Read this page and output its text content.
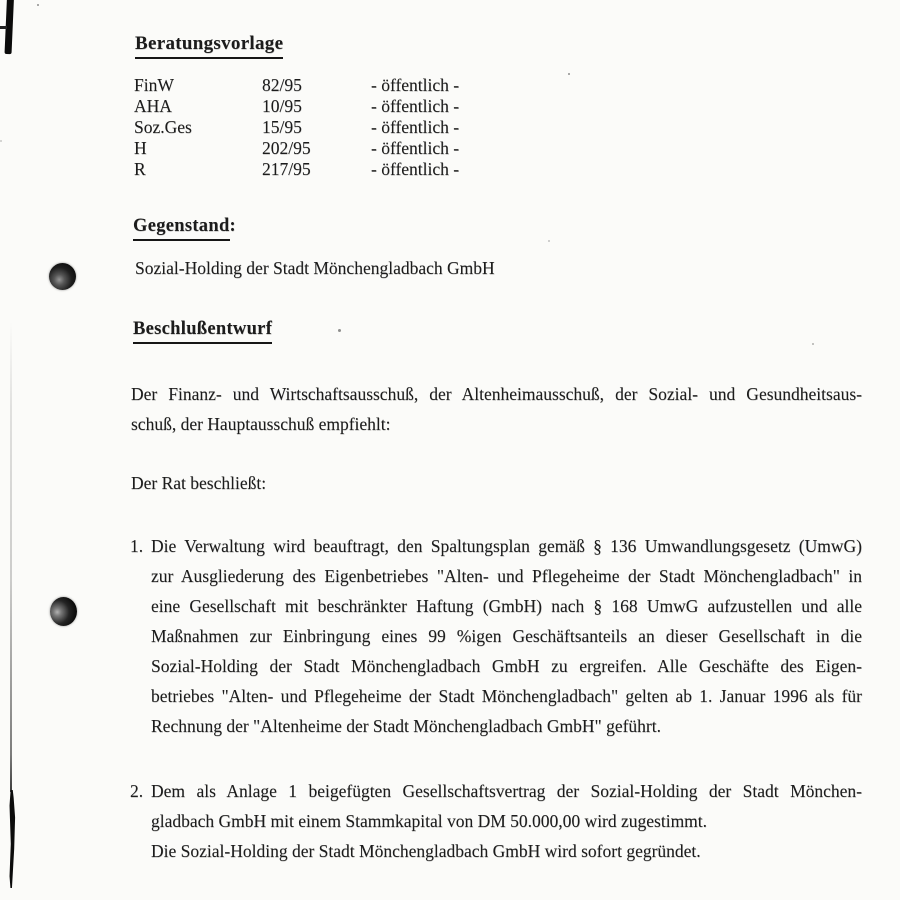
Beratungsvorlage
FinW	82/95	- öffentlich -
AHA	10/95	- öffentlich -
Soz.Ges	15/95	- öffentlich -
H	202/95	- öffentlich -
R	217/95	- öffentlich -
Gegenstand:
Sozial-Holding der Stadt Mönchengladbach GmbH
Beschlußentwurf
Der Finanz- und Wirtschaftsausschuß, der Altenheimausschuß, der Sozial- und Gesundheitsaus-
schuß, der Hauptausschuß empfiehlt:
Der Rat beschließt:
1. Die Verwaltung wird beauftragt, den Spaltungsplan gemäß § 136 Umwandlungsgesetz (UmwG)
zur Ausgliederung des Eigenbetriebes "Alten- und Pflegeheime der Stadt Mönchengladbach" in
eine Gesellschaft mit beschränkter Haftung (GmbH) nach § 168 UmwG aufzustellen und alle
Maßnahmen zur Einbringung eines 99 %igen Geschäftsanteils an dieser Gesellschaft in die
Sozial-Holding der Stadt Mönchengladbach GmbH zu ergreifen. Alle Geschäfte des Eigen-
betriebes "Alten- und Pflegeheime der Stadt Mönchengladbach" gelten ab 1. Januar 1996 als für
Rechnung der "Altenheime der Stadt Mönchengladbach GmbH" geführt.
2. Dem als Anlage 1 beigefügten Gesellschaftsvertrag der Sozial-Holding der Stadt Mönchen-
gladbach GmbH mit einem Stammkapital von DM 50.000,00 wird zugestimmt.
Die Sozial-Holding der Stadt Mönchengladbach GmbH wird sofort gegründet.
